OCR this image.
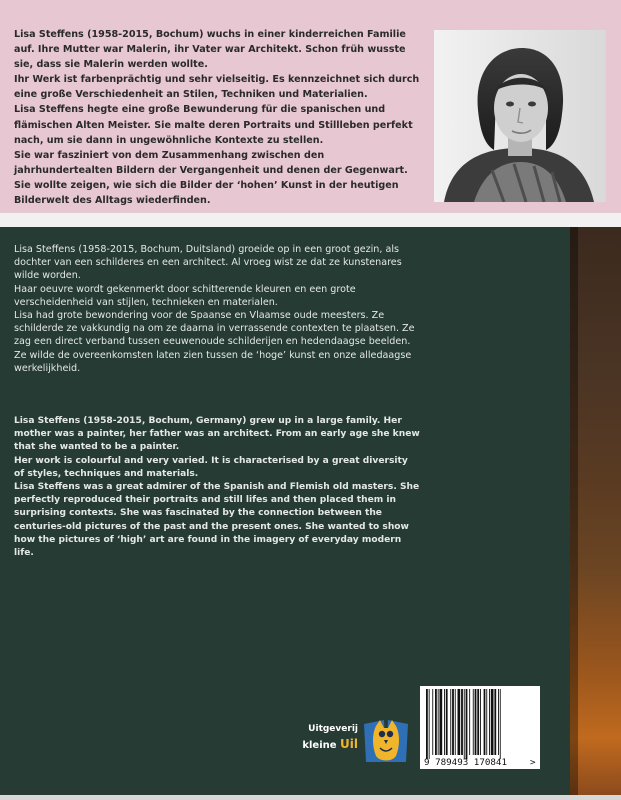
Lisa Steffens (1958-2015, Bochum) wuchs in einer kinderreichen Familie auf. Ihre Mutter war Malerin, ihr Vater war Architekt. Schon früh wusste sie, dass sie Malerin werden wollte.

Ihr Werk ist farbenprächtig und sehr vielseitig. Es kennzeichnet sich durch eine große Verschiedenheit an Stilen, Techniken und Materialien.

Lisa Steffens hegte eine große Bewunderung für die spanischen und flämischen Alten Meister. Sie malte deren Portraits und Stillleben perfekt nach, um sie dann in ungewöhnliche Kontexte zu stellen.

Sie war fasziniert von dem Zusammenhang zwischen den jahrhundertealten Bildern der Vergangenheit und denen der Gegenwart. Sie wollte zeigen, wie sich die Bilder der ‘hohen’ Kunst in der heutigen Bilderwelt des Alltags wiederfinden.

Lisa Steffens (1958-2015, Bochum, Duitsland) groeide op in een groot gezin, als dochter van een schilderes en een architect. Al vroeg wist ze dat ze kunstenares wilde worden.

Haar oeuvre wordt gekenmerkt door schitterende kleuren en een grote verscheidenheid van stijlen, technieken en materialen.

Lisa had grote bewondering voor de Spaanse en Vlaamse oude meesters. Ze schilderde ze vakkundig na om ze daarna in verrassende contexten te plaatsen. Ze zag een direct verband tussen eeuwenoude schilderijen en hedendaagse beelden. Ze wilde de overeenkomsten laten zien tussen de ‘hoge’ kunst en onze alledaagse werkelijkheid.

Lisa Steffens (1958-2015, Bochum, Germany) grew up in a large family. Her mother was a painter, her father was an architect. From an early age she knew that she wanted to be a painter.

Her work is colourful and very varied. It is characterised by a great diversity of styles, techniques and materials.

Lisa Steffens was a great admirer of the Spanish and Flemish old masters. She perfectly reproduced their portraits and still lifes and then placed them in surprising contexts. She was fascinated by the connection between the centuries-old pictures of the past and the present ones. She wanted to show how the pictures of ‘high’ art are found in the imagery of everyday modern life.

Uitgeverij
kleine Uil
9 789493 170841	>
